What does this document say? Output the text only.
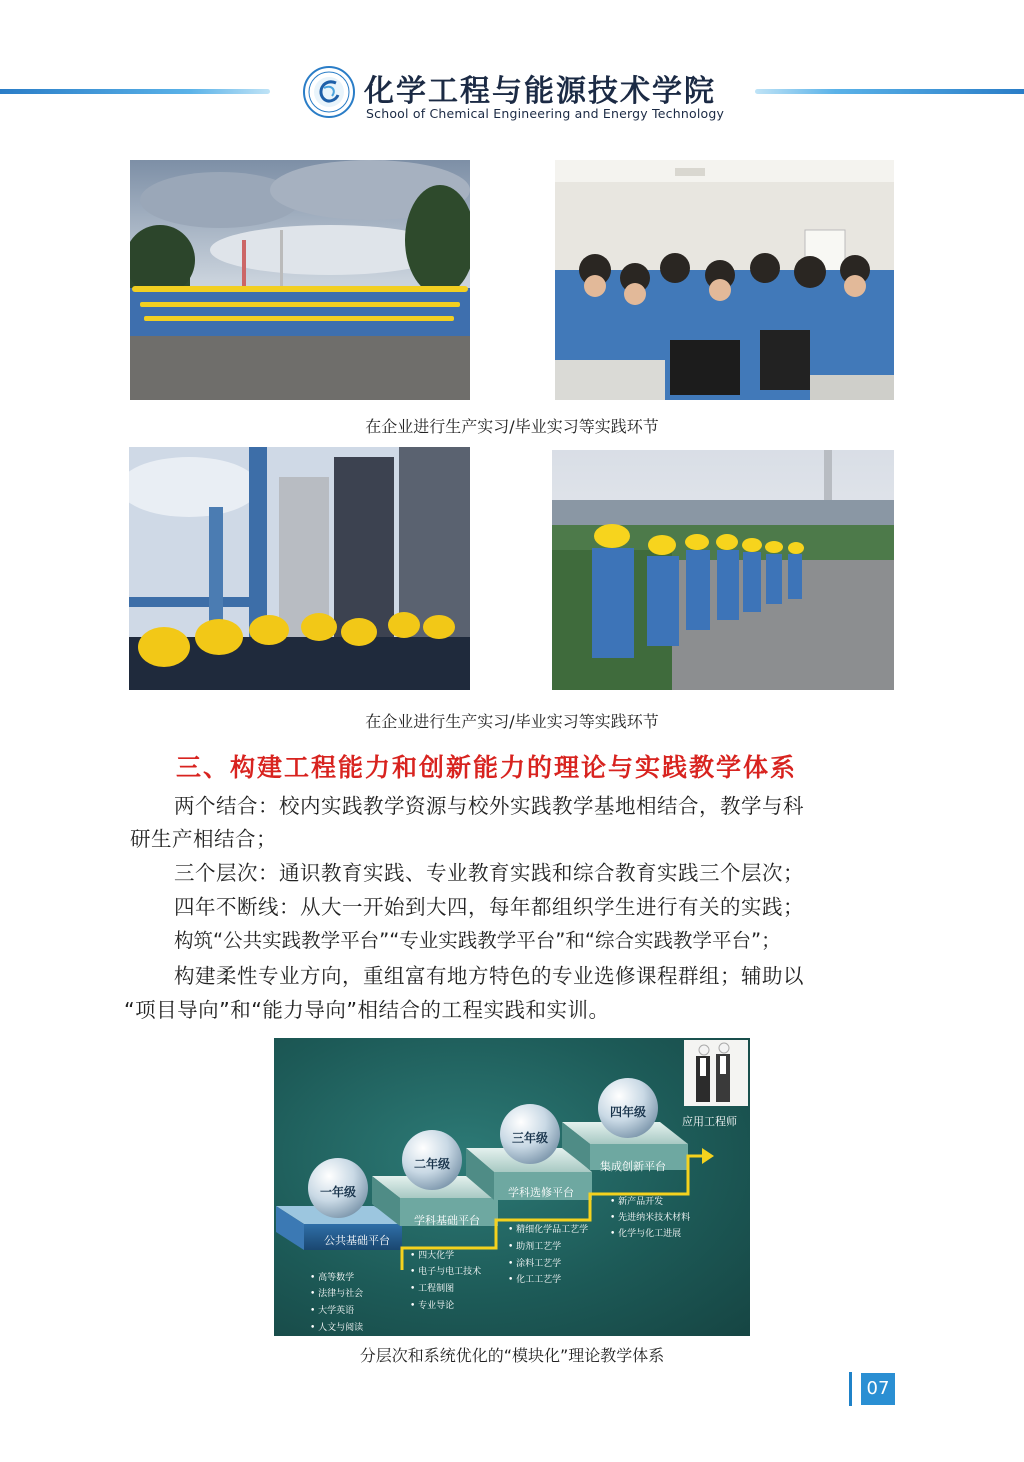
化学工程与能源技术学院
School of Chemical Engineering and Energy Technology
在企业进行生产实习/毕业实习等实践环节
在企业进行生产实习/毕业实习等实践环节
三、构建工程能力和创新能力的理论与实践教学体系
两个结合：校内实践教学资源与校外实践教学基地相结合，教学与科
研生产相结合；
三个层次：通识教育实践、专业教育实践和综合教育实践三个层次；
四年不断线：从大一开始到大四，每年都组织学生进行有关的实践；
构筑“公共实践教学平台”“专业实践教学平台”和“综合实践教学平台”；
构建柔性专业方向，重组富有地方特色的专业选修课程群组；辅助以
“项目导向”和“能力导向”相结合的工程实践和实训。
一年级
二年级
三年级
四年级
公共基础平台
学科基础平台
学科选修平台
集成创新平台
应用工程师
• 高等数学
• 法律与社会
• 大学英语
• 人文与阅读
• 四大化学
• 电子与电工技术
• 工程制图
• 专业导论
• 精细化学品工艺学
• 助剂工艺学
• 涂料工艺学
• 化工工艺学
• 新产品开发
• 先进纳米技术材料
• 化学与化工进展
分层次和系统优化的“模块化”理论教学体系
07
